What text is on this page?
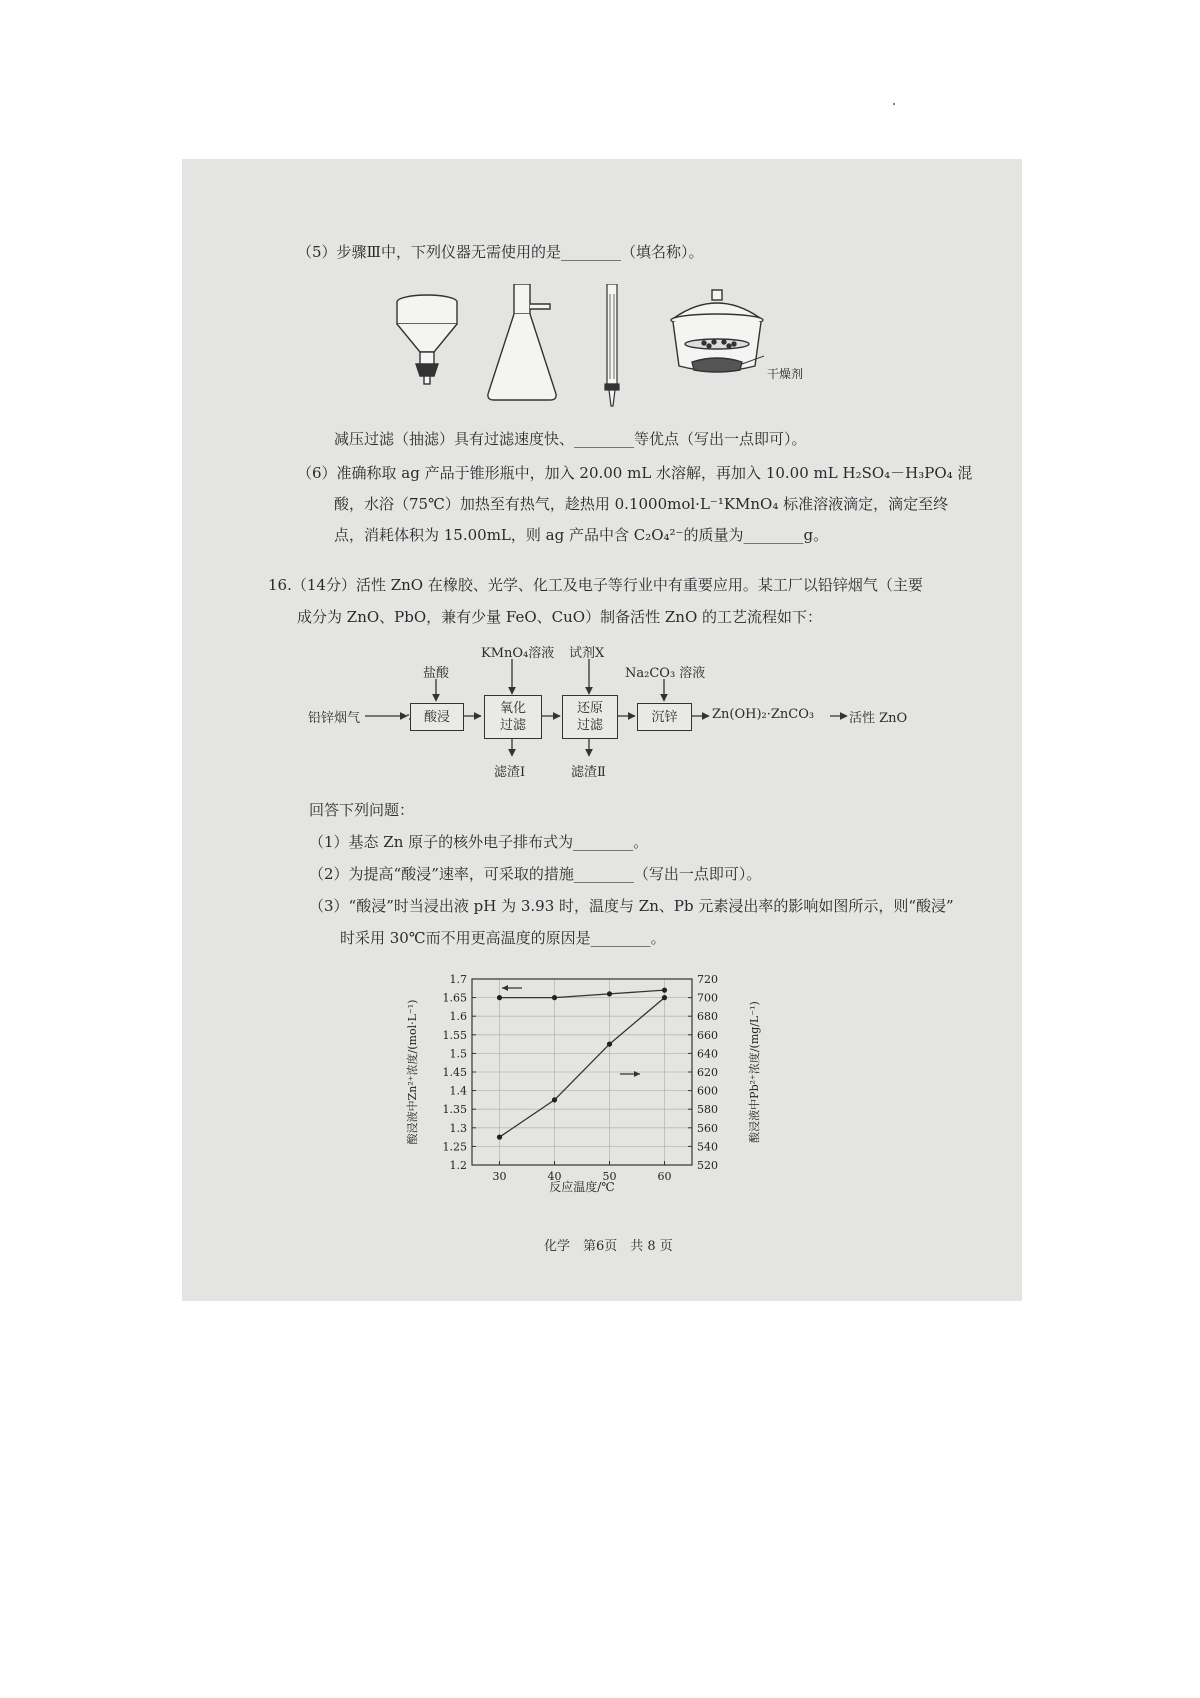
（5）步骤Ⅲ中，下列仪器无需使用的是________（填名称）。
干燥剂
减压过滤（抽滤）具有过滤速度快、________等优点（写出一点即可）。
（6）准确称取 ag 产品于锥形瓶中，加入 20.00 mL 水溶解，再加入 10.00 mL H₂SO₄－H₃PO₄ 混
酸，水浴（75℃）加热至有热气，趁热用 0.1000mol·L⁻¹KMnO₄ 标准溶液滴定，滴定至终
点，消耗体积为 15.00mL，则 ag 产品中含 C₂O₄²⁻的质量为________g。
16.（14分）活性 ZnO 在橡胶、光学、化工及电子等行业中有重要应用。某工厂以铅锌烟气（主要
成分为 ZnO、PbO，兼有少量 FeO、CuO）制备活性 ZnO 的工艺流程如下：
铅锌烟气
盐酸
酸浸
KMnO₄溶液
氧化
过滤
滤渣Ⅰ
试剂X
还原
过滤
滤渣Ⅱ
Na₂CO₃ 溶液
沉锌	Zn(OH)₂·ZnCO₃	活性 ZnO
回答下列问题：
（1）基态 Zn 原子的核外电子排布式为________。
（2）为提高“酸浸”速率，可采取的措施________（写出一点即可）。
（3）“酸浸”时当浸出液 pH 为 3.93 时，温度与 Zn、Pb 元素浸出率的影响如图所示，则“酸浸”
时采用 30℃而不用更高温度的原因是________。
1.7
1.65
1.6
1.55
1.5
1.45
1.4
1.35
1.3
1.25
1.2
720
700
680
660
640
620
600
580
560
540
520
30	40	50	60
反应温度/℃
酸浸液中Zn²⁺浓度/(mol·L⁻¹)	酸浸液中Pb²⁺浓度/(mg/L⁻¹)
化学　第6页　共 8 页
